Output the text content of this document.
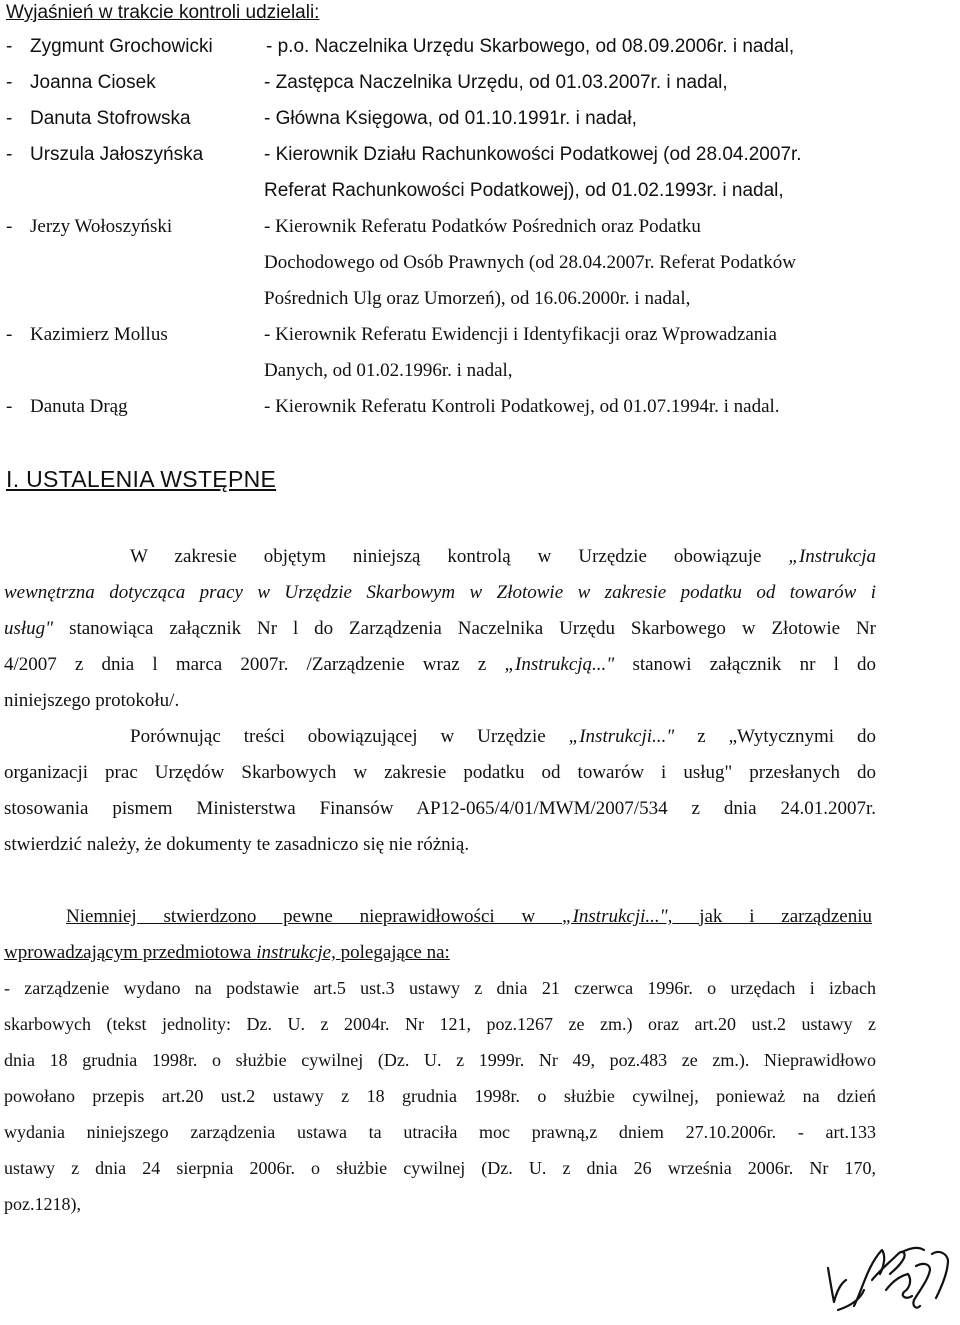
Wyjaśnień w trakcie kontroli udzielali:
- Zygmunt Grochowicki	- p.o. Naczelnika Urzędu Skarbowego, od 08.09.2006r. i nadal,
- Joanna Ciosek	- Zastępca Naczelnika Urzędu, od 01.03.2007r. i nadal,
- Danuta Stofrowska	- Główna Księgowa, od 01.10.1991r. i nadał,
- Urszula Jałoszyńska	- Kierownik Działu Rachunkowości Podatkowej (od 28.04.2007r.
Referat Rachunkowości Podatkowej), od 01.02.1993r. i nadal,
- Jerzy Wołoszyński	- Kierownik Referatu Podatków Pośrednich oraz Podatku
Dochodowego od Osób Prawnych (od 28.04.2007r. Referat Podatków
Pośrednich Ulg oraz Umorzeń), od 16.06.2000r. i nadal,
- Kazimierz Mollus	- Kierownik Referatu Ewidencji i Identyfikacji oraz Wprowadzania
Danych, od 01.02.1996r. i nadal,
- Danuta Drąg	- Kierownik Referatu Kontroli Podatkowej, od 01.07.1994r. i nadal.
I. USTALENIA WSTĘPNE
W zakresie objętym niniejszą kontrolą w Urzędzie obowiązuje „Instrukcja
wewnętrzna dotycząca pracy w Urzędzie Skarbowym w Złotowie w zakresie podatku od towarów i
usług" stanowiąca załącznik Nr l do Zarządzenia Naczelnika Urzędu Skarbowego w Złotowie Nr
4/2007 z dnia l marca 2007r. /Zarządzenie wraz z „Instrukcją..." stanowi załącznik nr l do
niniejszego protokołu/.
Porównując treści obowiązującej w Urzędzie „Instrukcji..." z „Wytycznymi do
organizacji prac Urzędów Skarbowych w zakresie podatku od towarów i usług" przesłanych do
stosowania pismem Ministerstwa Finansów AP12-065/4/01/MWM/2007/534 z dnia 24.01.2007r.
stwierdzić należy, że dokumenty te zasadniczo się nie różnią.
Niemniej stwierdzono pewne nieprawidłowości w „Instrukcji...", jak i zarządzeniu
wprowadzającym przedmiotowa instrukcje, polegające na:
- zarządzenie wydano na podstawie art.5 ust.3 ustawy z dnia 21 czerwca 1996r. o urzędach i izbach
skarbowych (tekst jednolity: Dz. U. z 2004r. Nr 121, poz.1267 ze zm.) oraz art.20 ust.2 ustawy z
dnia 18 grudnia 1998r. o służbie cywilnej (Dz. U. z 1999r. Nr 49, poz.483 ze zm.). Nieprawidłowo
powołano przepis art.20 ust.2 ustawy z 18 grudnia 1998r. o służbie cywilnej, ponieważ na dzień
wydania niniejszego zarządzenia ustawa ta utraciła moc prawną,z dniem 27.10.2006r. - art.133
ustawy z dnia 24 sierpnia 2006r. o służbie cywilnej (Dz. U. z dnia 26 września 2006r. Nr 170,
poz.1218),
